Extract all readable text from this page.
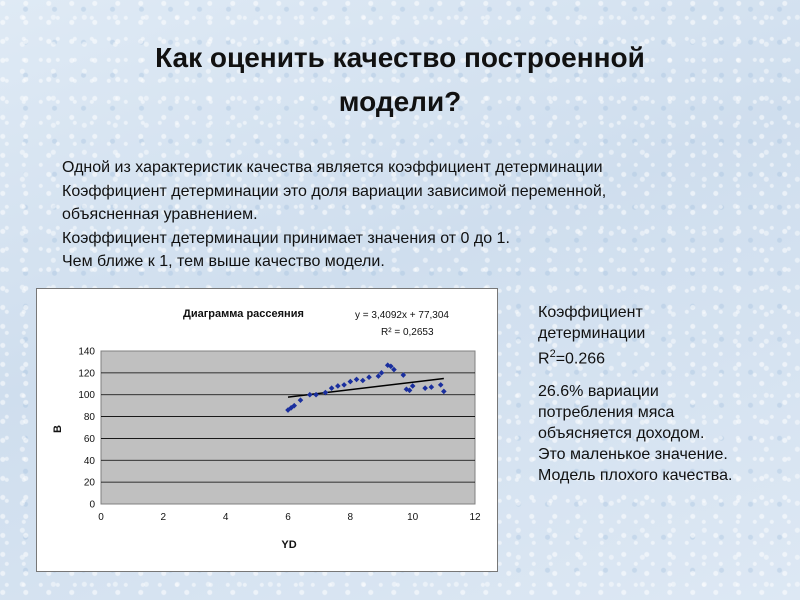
Как оценить качество построенной
модели?
Одной из характеристик качества является коэффициент детерминации
Коэффициент детерминации это доля вариации зависимой переменной,
объясненная уравнением.
Коэффициент детерминации принимает значения от 0 до 1.
Чем ближе к 1, тем выше качество модели.
0
20
40
60
80
100
120
140
0	2	4	6	8	10	12
Диаграмма рассеяния	y = 3,4092x + 77,304
R² = 0,2653
YD
B
Коэффициент
детерминации
$R^2=0.266$
26.6% вариации
потребления мяса
объясняется доходом.
Это маленькое значение.
Модель плохого качества.
